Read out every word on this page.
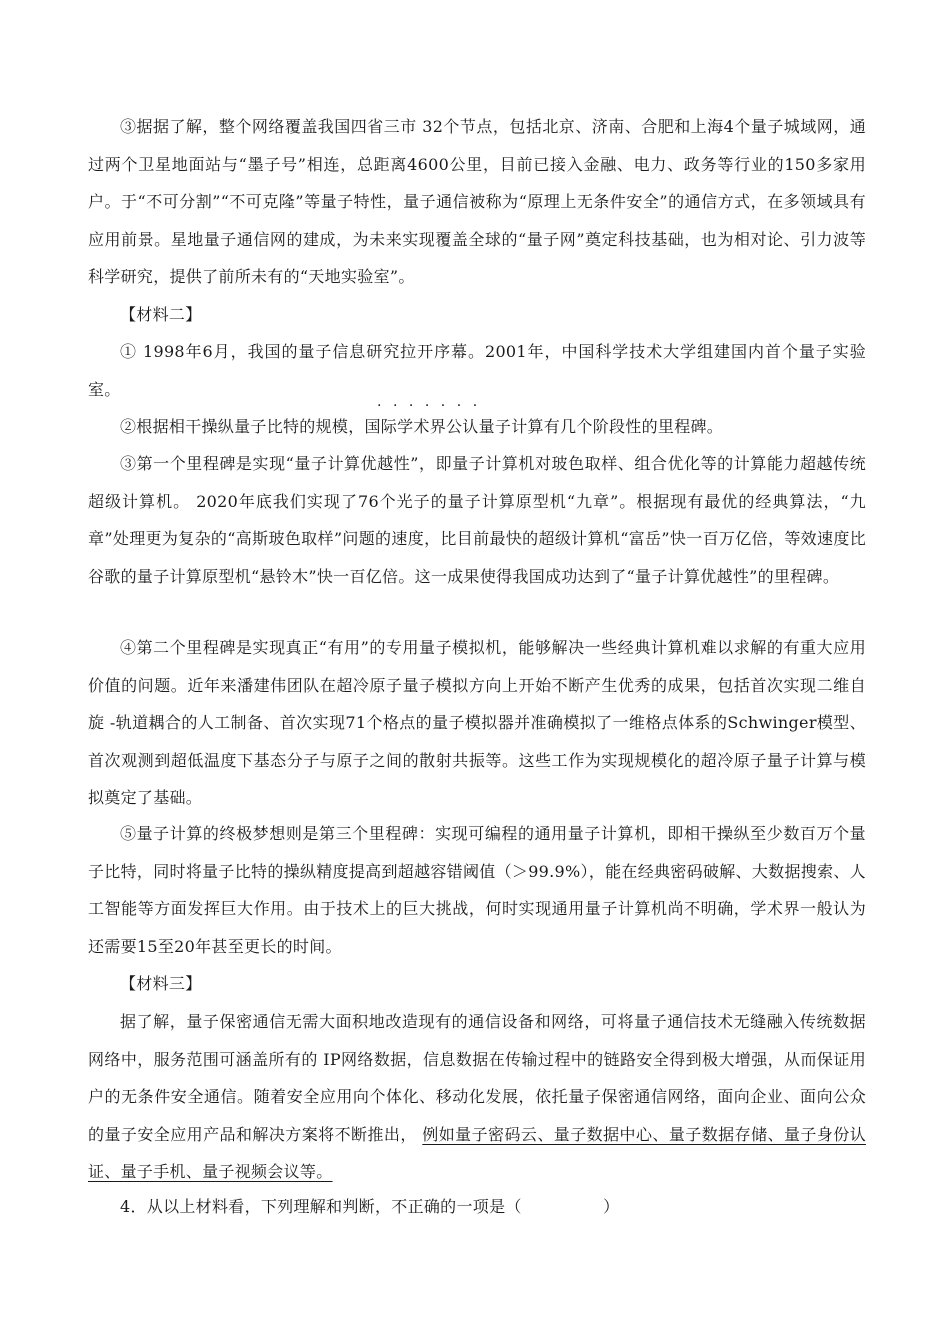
③据据了解，整个网络覆盖我国四省三市 32个节点，包括北京、济南、合肥和上海4个量子城域网，通过两个卫星地面站与“墨子号”相连，总距离4600公里，目前已接入金融、电力、政务等行业的150多家用户。于“不可分割”“不可克隆”等量子特性，量子通信被称为“原理上无条件安全”的通信方式，在多领域具有应用前景。星地量子通信网的建成，为未来实现覆盖全球的“量子网”奠定科技基础，也为相对论、引力波等科学研究，提供了前所未有的“天地实验室”。
【材料二】
① 1998年6月，我国的量子信息研究拉开序幕。2001年，中国科学技术大学组建国内首个量子实验室。
·······
②根据相干操纵量子比特的规模，国际学术界公认量子计算有几个阶段性的里程碑。
③第一个里程碑是实现“量子计算优越性”，即量子计算机对玻色取样、组合优化等的计算能力超越传统超级计算机。 2020年底我们实现了76个光子的量子计算原型机“九章”。根据现有最优的经典算法，“九章”处理更为复杂的“高斯玻色取样”问题的速度，比目前最快的超级计算机“富岳”快一百万亿倍，等效速度比谷歌的量子计算原型机“悬铃木”快一百亿倍。这一成果使得我国成功达到了“量子计算优越性”的里程碑。
④第二个里程碑是实现真正“有用”的专用量子模拟机，能够解决一些经典计算机难以求解的有重大应用价值的问题。近年来潘建伟团队在超冷原子量子模拟方向上开始不断产生优秀的成果，包括首次实现二维自旋 -轨道耦合的人工制备、首次实现71个格点的量子模拟器并准确模拟了一维格点体系的Schwinger模型、首次观测到超低温度下基态分子与原子之间的散射共振等。这些工作为实现规模化的超冷原子量子计算与模拟奠定了基础。
⑤量子计算的终极梦想则是第三个里程碑：实现可编程的通用量子计算机，即相干操纵至少数百万个量子比特，同时将量子比特的操纵精度提高到超越容错阈值（＞99.9%），能在经典密码破解、大数据搜索、人工智能等方面发挥巨大作用。由于技术上的巨大挑战，何时实现通用量子计算机尚不明确，学术界一般认为还需要15至20年甚至更长的时间。
【材料三】
据了解，量子保密通信无需大面积地改造现有的通信设备和网络，可将量子通信技术无缝融入传统数据网络中，服务范围可涵盖所有的 IP网络数据，信息数据在传输过程中的链路安全得到极大增强，从而保证用户的无条件安全通信。随着安全应用向个体化、移动化发展，依托量子保密通信网络，面向企业、面向公众的量子安全应用产品和解决方案将不断推出， 例如量子密码云、量子数据中心、量子数据存储、量子身份认证、量子手机、量子视频会议等。
4．从以上材料看，下列理解和判断，不正确的一项是（　　　　　）
